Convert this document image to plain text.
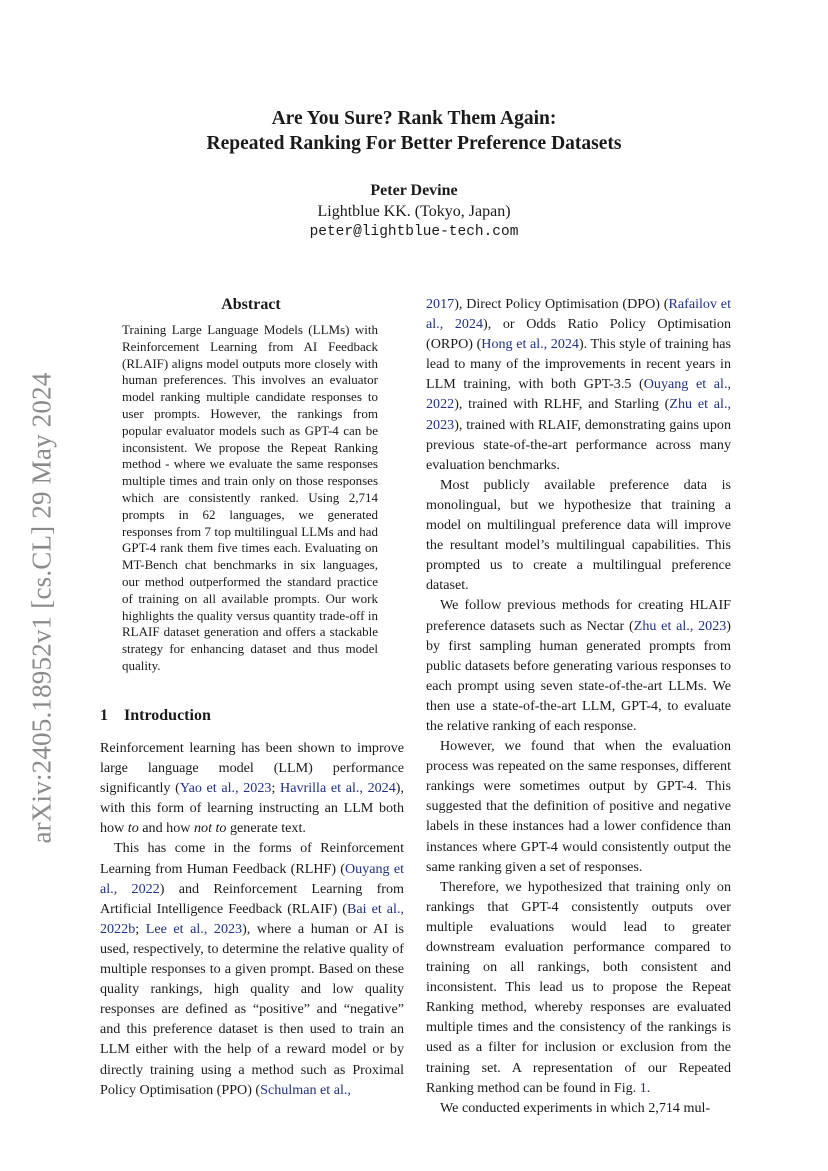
arXiv:2405.18952v1 [cs.CL] 29 May 2024
Are You Sure? Rank Them Again:
Repeated Ranking For Better Preference Datasets
Peter Devine
Lightblue KK. (Tokyo, Japan)
peter@lightblue-tech.com
Abstract
Training Large Language Models (LLMs) with Reinforcement Learning from AI Feedback (RLAIF) aligns model outputs more closely with human preferences. This involves an evaluator model ranking multiple candidate responses to user prompts. However, the rankings from popular evaluator models such as GPT-4 can be inconsistent. We propose the Repeat Ranking method - where we evaluate the same responses multiple times and train only on those responses which are consistently ranked. Using 2,714 prompts in 62 languages, we generated responses from 7 top multilingual LLMs and had GPT-4 rank them five times each. Evaluating on MT-Bench chat benchmarks in six languages, our method outperformed the standard practice of training on all available prompts. Our work highlights the quality versus quantity trade-off in RLAIF dataset generation and offers a stackable strategy for enhancing dataset and thus model quality.
1 Introduction

Reinforcement learning has been shown to improve large language model (LLM) performance significantly (Yao et al., 2023; Havrilla et al., 2024), with this form of learning instructing an LLM both how to and how not to generate text.

This has come in the forms of Reinforcement Learning from Human Feedback (RLHF) (Ouyang et al., 2022) and Reinforcement Learning from Artificial Intelligence Feedback (RLAIF) (Bai et al., 2022b; Lee et al., 2023), where a human or AI is used, respectively, to determine the relative quality of multiple responses to a given prompt. Based on these quality rankings, high quality and low quality responses are defined as “positive” and “negative” and this preference dataset is then used to train an LLM either with the help of a reward model or by directly training using a method such as Proximal Policy Optimisation (PPO) (Schulman et al.,

2017), Direct Policy Optimisation (DPO) (Rafailov et al., 2024), or Odds Ratio Policy Optimisation (ORPO) (Hong et al., 2024). This style of training has lead to many of the improvements in recent years in LLM training, with both GPT-3.5 (Ouyang et al., 2022), trained with RLHF, and Starling (Zhu et al., 2023), trained with RLAIF, demonstrating gains upon previous state-of-the-art performance across many evaluation benchmarks.

Most publicly available preference data is monolingual, but we hypothesize that training a model on multilingual preference data will improve the resultant model’s multilingual capabilities. This prompted us to create a multilingual preference dataset.

We follow previous methods for creating HLAIF preference datasets such as Nectar (Zhu et al., 2023) by first sampling human generated prompts from public datasets before generating various responses to each prompt using seven state-of-the-art LLMs. We then use a state-of-the-art LLM, GPT-4, to evaluate the relative ranking of each response.

However, we found that when the evaluation process was repeated on the same responses, different rankings were sometimes output by GPT-4. This suggested that the definition of positive and negative labels in these instances had a lower confidence than instances where GPT-4 would consistently output the same ranking given a set of responses.

Therefore, we hypothesized that training only on rankings that GPT-4 consistently outputs over multiple evaluations would lead to greater downstream evaluation performance compared to training on all rankings, both consistent and inconsistent. This lead us to propose the Repeat Ranking method, whereby responses are evaluated multiple times and the consistency of the rankings is used as a filter for inclusion or exclusion from the training set. A representation of our Repeated Ranking method can be found in Fig. 1.

We conducted experiments in which 2,714 mul-
